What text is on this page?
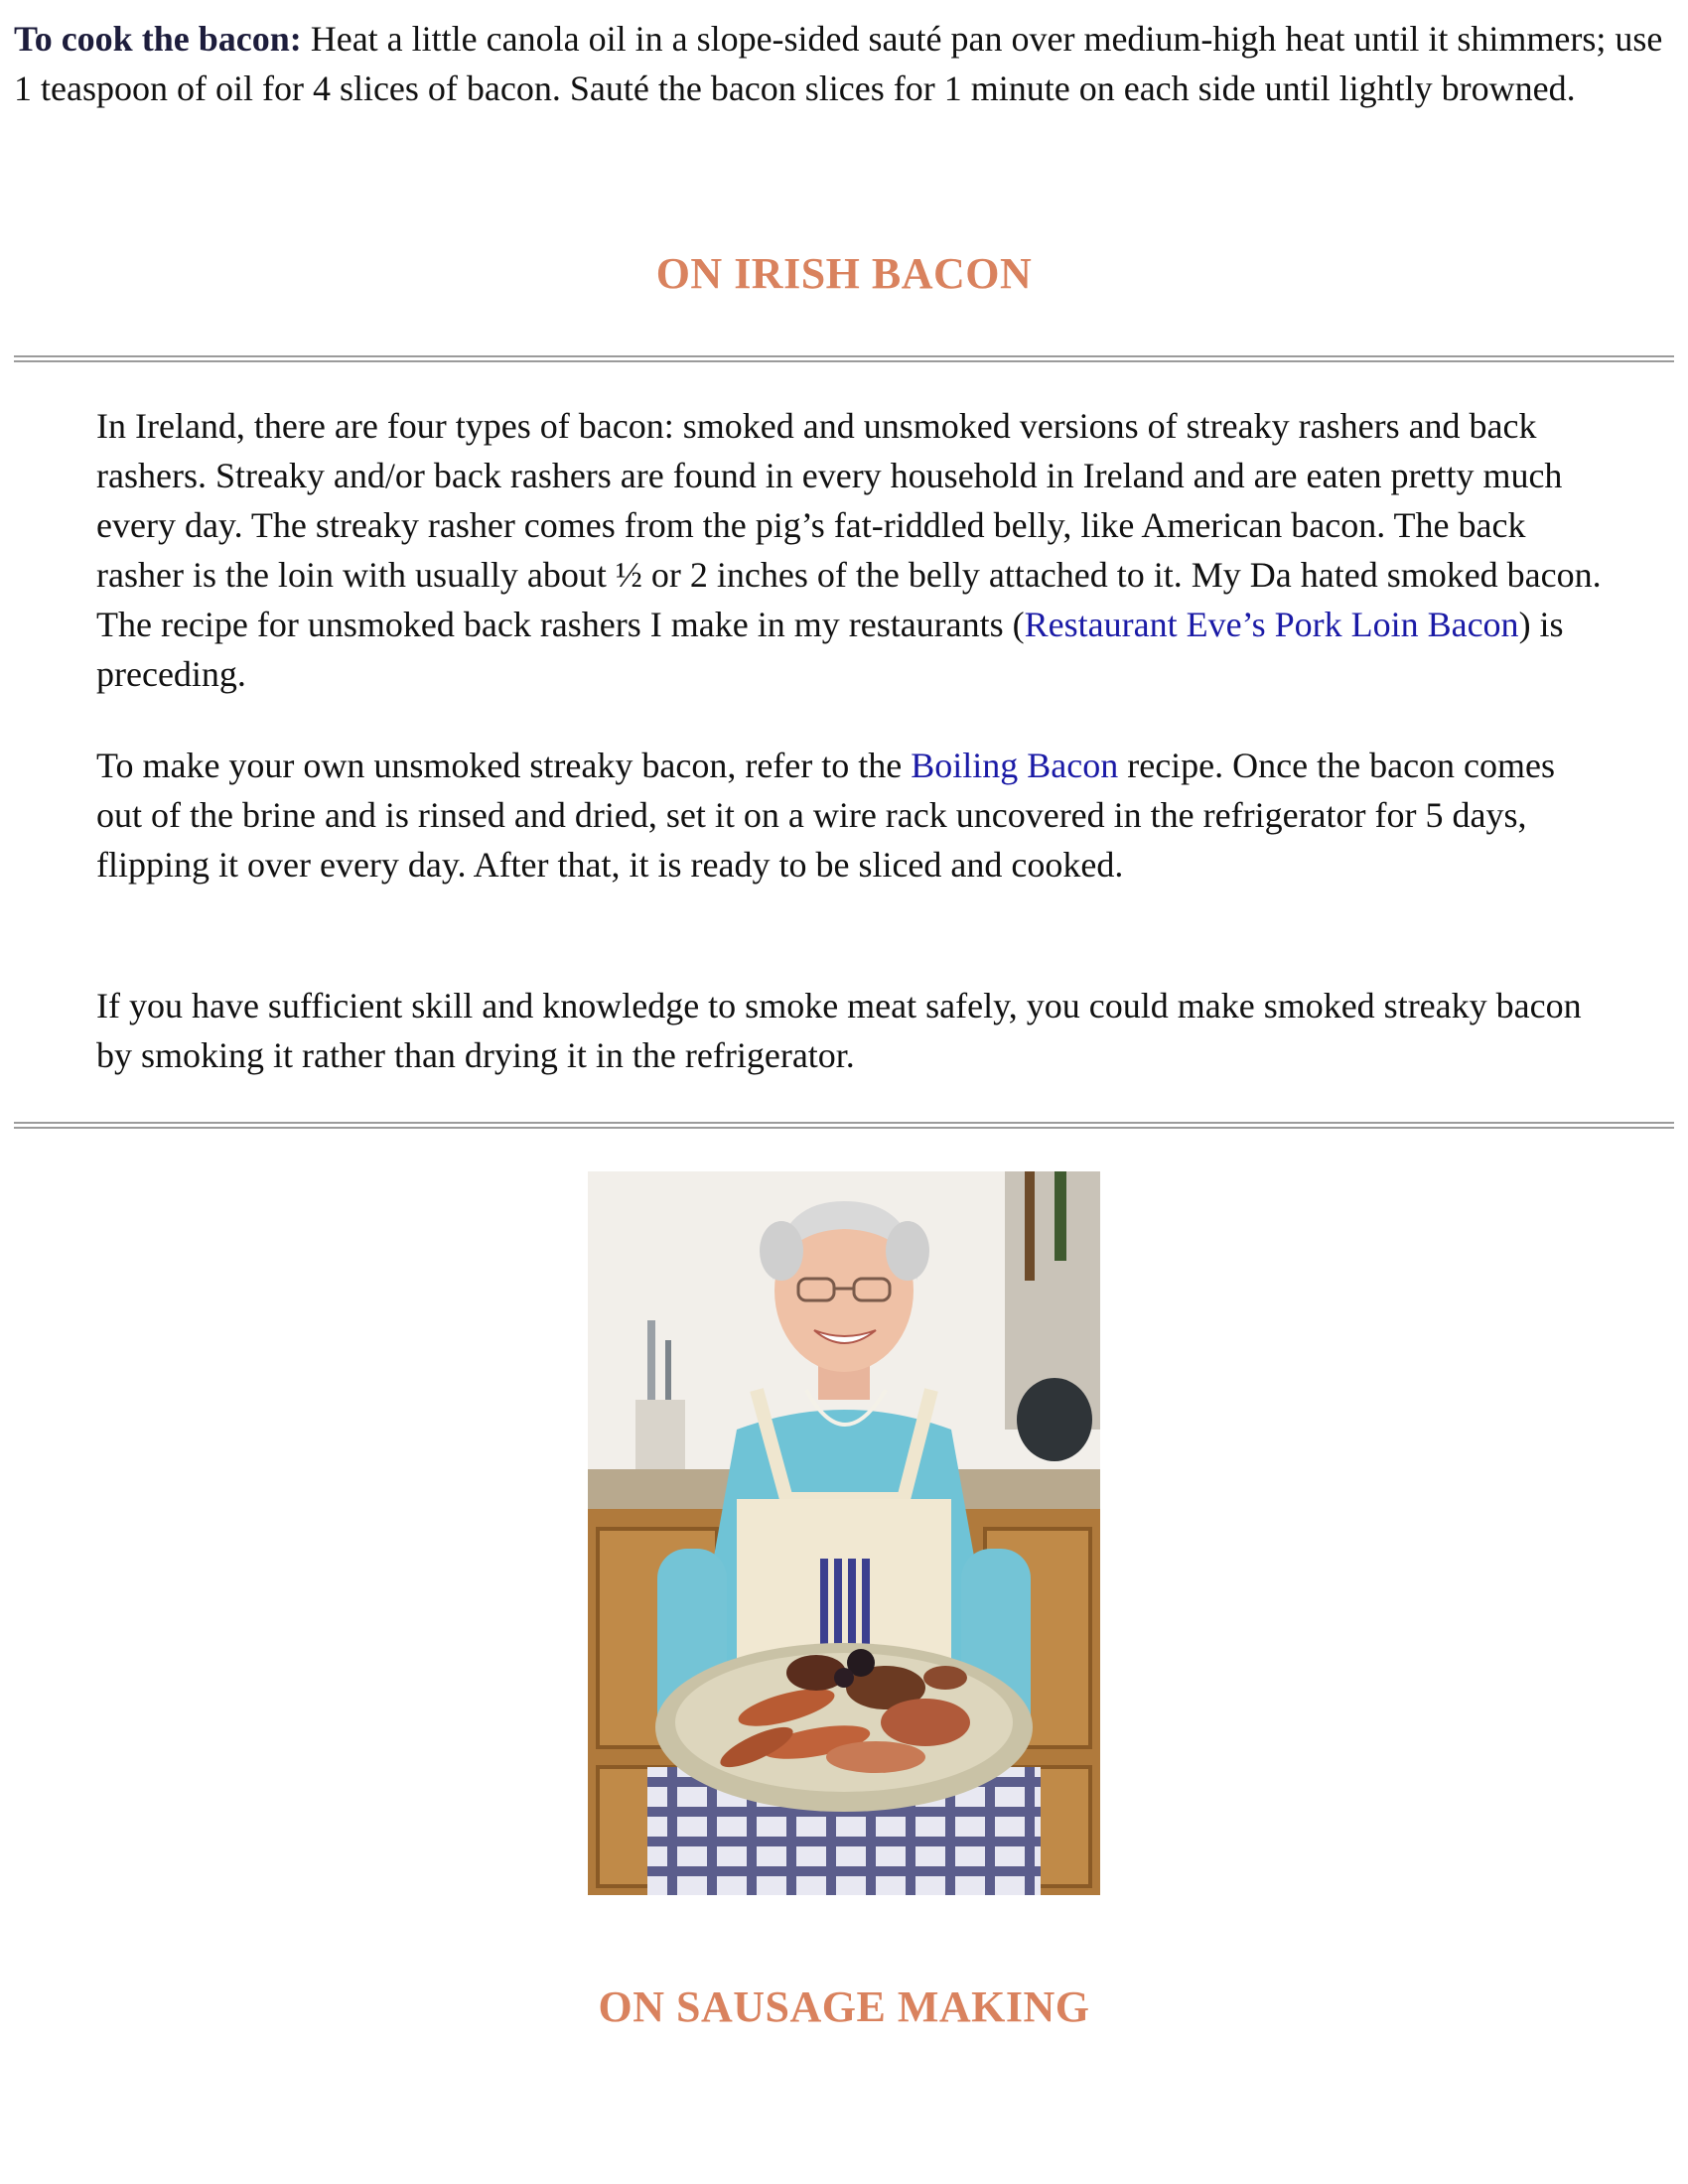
To cook the bacon: Heat a little canola oil in a slope-sided sauté pan over medium-high heat until it shimmers; use 1 teaspoon of oil for 4 slices of bacon. Sauté the bacon slices for 1 minute on each side until lightly browned.

ON IRISH BACON

In Ireland, there are four types of bacon: smoked and unsmoked versions of streaky rashers and back rashers. Streaky and/or back rashers are found in every household in Ireland and are eaten pretty much every day. The streaky rasher comes from the pig’s fat-riddled belly, like American bacon. The back rasher is the loin with usually about ½ or 2 inches of the belly attached to it. My Da hated smoked bacon. The recipe for unsmoked back rashers I make in my restaurants (Restaurant Eve’s Pork Loin Bacon) is preceding.

To make your own unsmoked streaky bacon, refer to the Boiling Bacon recipe. Once the bacon comes out of the brine and is rinsed and dried, set it on a wire rack uncovered in the refrigerator for 5 days, flipping it over every day. After that, it is ready to be sliced and cooked.

If you have sufficient skill and knowledge to smoke meat safely, you could make smoked streaky bacon by smoking it rather than drying it in the refrigerator.

ON SAUSAGE MAKING
